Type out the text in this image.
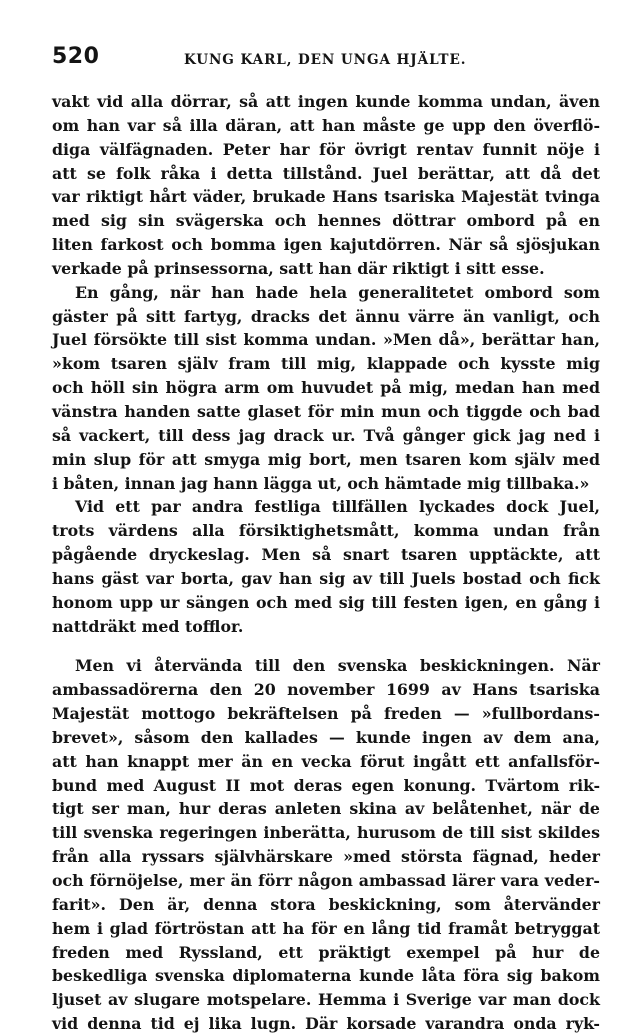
520	KUNG KARL, DEN UNGA HJÄLTE.
vakt vid alla dörrar, så att ingen kunde komma undan, även
om han var så illa däran, att han måste ge upp den överflö-
diga välfägnaden. Peter har för övrigt rentav funnit nöje i
att se folk råka i detta tillstånd. Juel berättar, att då det
var riktigt hårt väder, brukade Hans tsariska Majestät tvinga
med sig sin svägerska och hennes döttrar ombord på en
liten farkost och bomma igen kajutdörren. När så sjösjukan
verkade på prinsessorna, satt han där riktigt i sitt esse.
En gång, när han hade hela generalitetet ombord som
gäster på sitt fartyg, dracks det ännu värre än vanligt, och
Juel försökte till sist komma undan. »Men då», berättar han,
»kom tsaren själv fram till mig, klappade och kysste mig
och höll sin högra arm om huvudet på mig, medan han med
vänstra handen satte glaset för min mun och tiggde och bad
så vackert, till dess jag drack ur. Två gånger gick jag ned i
min slup för att smyga mig bort, men tsaren kom själv med
i båten, innan jag hann lägga ut, och hämtade mig tillbaka.»
Vid ett par andra festliga tillfällen lyckades dock Juel,
trots värdens alla försiktighetsmått, komma undan från
pågående dryckeslag. Men så snart tsaren upptäckte, att
hans gäst var borta, gav han sig av till Juels bostad och fick
honom upp ur sängen och med sig till festen igen, en gång i
nattdräkt med tofflor.
Men vi återvända till den svenska beskickningen. När
ambassadörerna den 20 november 1699 av Hans tsariska
Majestät mottogo bekräftelsen på freden — »fullbordans-
brevet», såsom den kallades — kunde ingen av dem ana,
att han knappt mer än en vecka förut ingått ett anfallsför-
bund med August II mot deras egen konung. Tvärtom rik-
tigt ser man, hur deras anleten skina av belåtenhet, när de
till svenska regeringen inberätta, hurusom de till sist skildes
från alla ryssars självhärskare »med största fägnad, heder
och förnöjelse, mer än förr någon ambassad lärer vara veder-
farit». Den är, denna stora beskickning, som återvänder
hem i glad förtröstan att ha för en lång tid framåt betryggat
freden med Ryssland, ett präktigt exempel på hur de
beskedliga svenska diplomaterna kunde låta föra sig bakom
ljuset av slugare motspelare. Hemma i Sverige var man dock
vid denna tid ej lika lugn. Där korsade varandra onda ryk-
